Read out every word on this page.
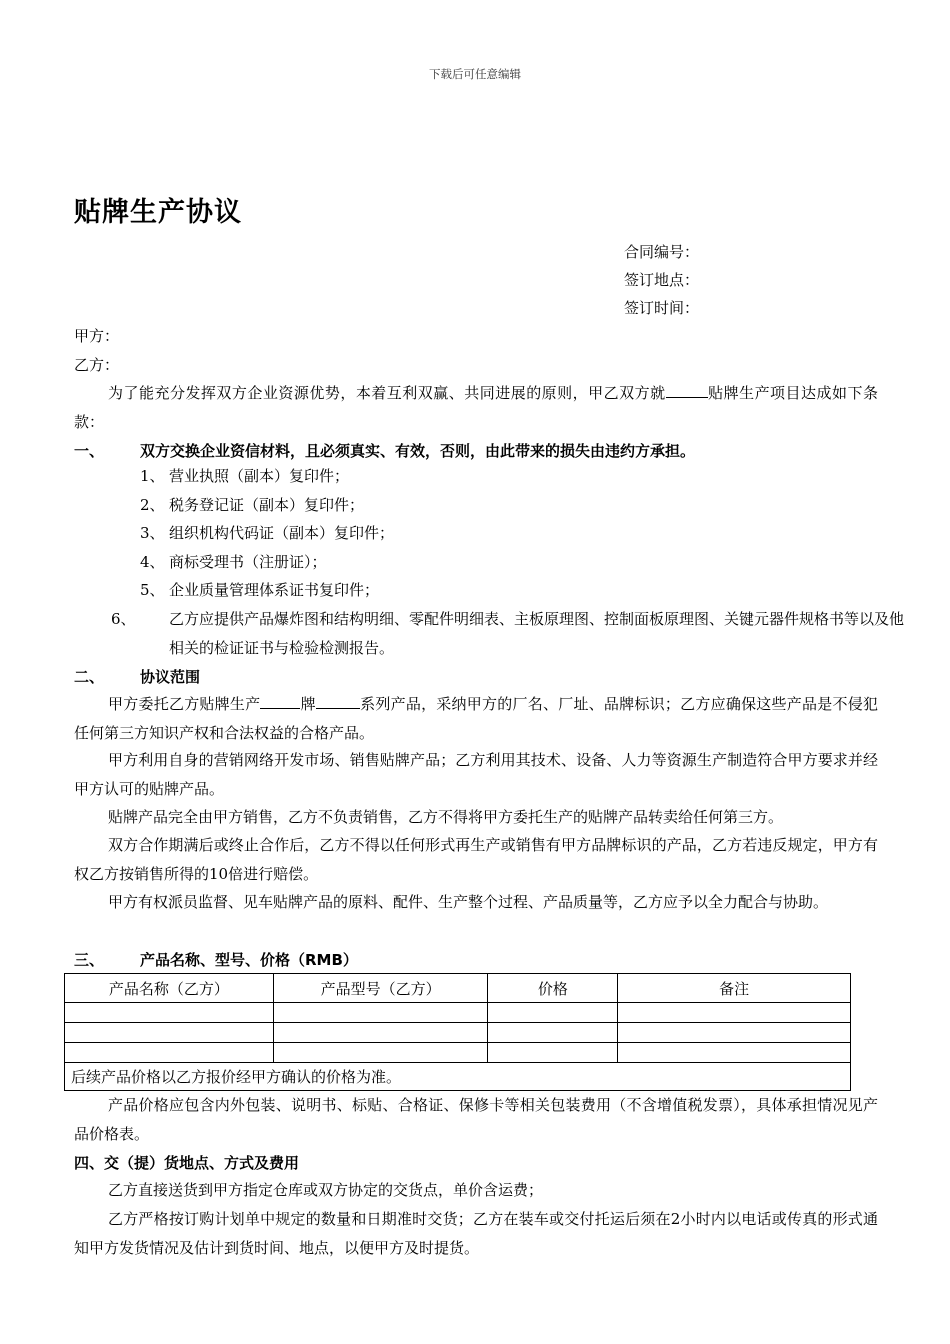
下载后可任意编辑
贴牌生产协议
合同编号：
签订地点：
签订时间：
甲方：
乙方：
为了能充分发挥双方企业资源优势，本着互利双赢、共同进展的原则，甲乙双方就	贴牌生产项目达成如下条款：
一、 双方交换企业资信材料，且必须真实、有效，否则，由此带来的损失由违约方承担。
1、 营业执照（副本）复印件；
2、 税务登记证（副本）复印件；
3、 组织机构代码证（副本）复印件；
4、 商标受理书（注册证）；
5、 企业质量管理体系证书复印件；
6、 乙方应提供产品爆炸图和结构明细、零配件明细表、主板原理图、控制面板原理图、关键元器件规格书等以及他相关的检证证书与检验检测报告。
二、 协议范围
甲方委托乙方贴牌生产	牌	系列产品，采纳甲方的厂名、厂址、品牌标识；乙方应确保这些产品是不侵犯任何第三方知识产权和合法权益的合格产品。
甲方利用自身的营销网络开发市场、销售贴牌产品；乙方利用其技术、设备、人力等资源生产制造符合甲方要求并经甲方认可的贴牌产品。
贴牌产品完全由甲方销售，乙方不负责销售，乙方不得将甲方委托生产的贴牌产品转卖给任何第三方。
双方合作期满后或终止合作后，乙方不得以任何形式再生产或销售有甲方品牌标识的产品，乙方若违反规定，甲方有权乙方按销售所得的10倍进行赔偿。
甲方有权派员监督、见车贴牌产品的原料、配件、生产整个过程、产品质量等，乙方应予以全力配合与协助。
三、 产品名称、型号、价格（RMB）
产品名称（乙方）	产品型号（乙方）	价格	备注

后续产品价格以乙方报价经甲方确认的价格为准。			
产品价格应包含内外包装、说明书、标贴、合格证、保修卡等相关包装费用（不含增值税发票），具体承担情况见产品价格表。
四、交（提）货地点、方式及费用
乙方直接送货到甲方指定仓库或双方协定的交货点，单价含运费；
乙方严格按订购计划单中规定的数量和日期准时交货；乙方在装车或交付托运后须在2小时内以电话或传真的形式通知甲方发货情况及估计到货时间、地点，以便甲方及时提货。
